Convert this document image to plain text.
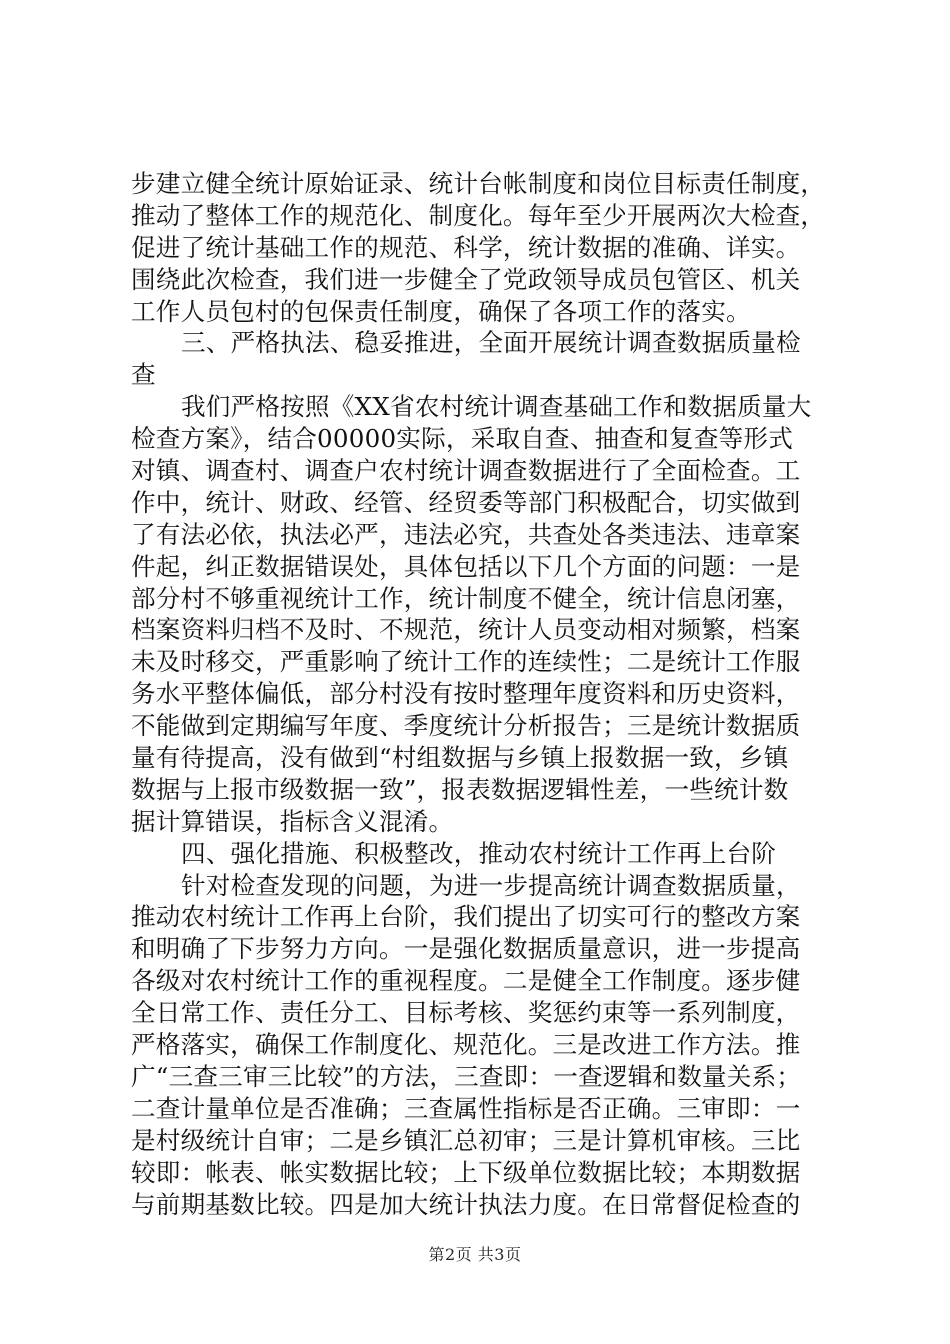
步建立健全统计原始证录、统计台帐制度和岗位目标责任制度，
推动了整体工作的规范化、制度化。每年至少开展两次大检查，
促进了统计基础工作的规范、科学，统计数据的准确、详实。
围绕此次检查，我们进一步健全了党政领导成员包管区、机关
工作人员包村的包保责任制度，确保了各项工作的落实。
三、严格执法、稳妥推进，全面开展统计调查数据质量检
查
我们严格按照《XX省农村统计调查基础工作和数据质量大
检查方案》，结合00000实际，采取自查、抽查和复查等形式
对镇、调查村、调查户农村统计调查数据进行了全面检查。工
作中，统计、财政、经管、经贸委等部门积极配合，切实做到
了有法必依，执法必严，违法必究，共查处各类违法、违章案
件起，纠正数据错误处，具体包括以下几个方面的问题：一是
部分村不够重视统计工作，统计制度不健全，统计信息闭塞，
档案资料归档不及时、不规范，统计人员变动相对频繁，档案
未及时移交，严重影响了统计工作的连续性；二是统计工作服
务水平整体偏低，部分村没有按时整理年度资料和历史资料，
不能做到定期编写年度、季度统计分析报告；三是统计数据质
量有待提高，没有做到“村组数据与乡镇上报数据一致，乡镇
数据与上报市级数据一致”，报表数据逻辑性差，一些统计数
据计算错误，指标含义混淆。
四、强化措施、积极整改，推动农村统计工作再上台阶
针对检查发现的问题，为进一步提高统计调查数据质量，
推动农村统计工作再上台阶，我们提出了切实可行的整改方案
和明确了下步努力方向。一是强化数据质量意识，进一步提高
各级对农村统计工作的重视程度。二是健全工作制度。逐步健
全日常工作、责任分工、目标考核、奖惩约束等一系列制度，
严格落实，确保工作制度化、规范化。三是改进工作方法。推
广“三查三审三比较”的方法，三查即：一查逻辑和数量关系；
二查计量单位是否准确；三查属性指标是否正确。三审即：一
是村级统计自审；二是乡镇汇总初审；三是计算机审核。三比
较即：帐表、帐实数据比较；上下级单位数据比较；本期数据
与前期基数比较。四是加大统计执法力度。在日常督促检查的
第2页 共3页
